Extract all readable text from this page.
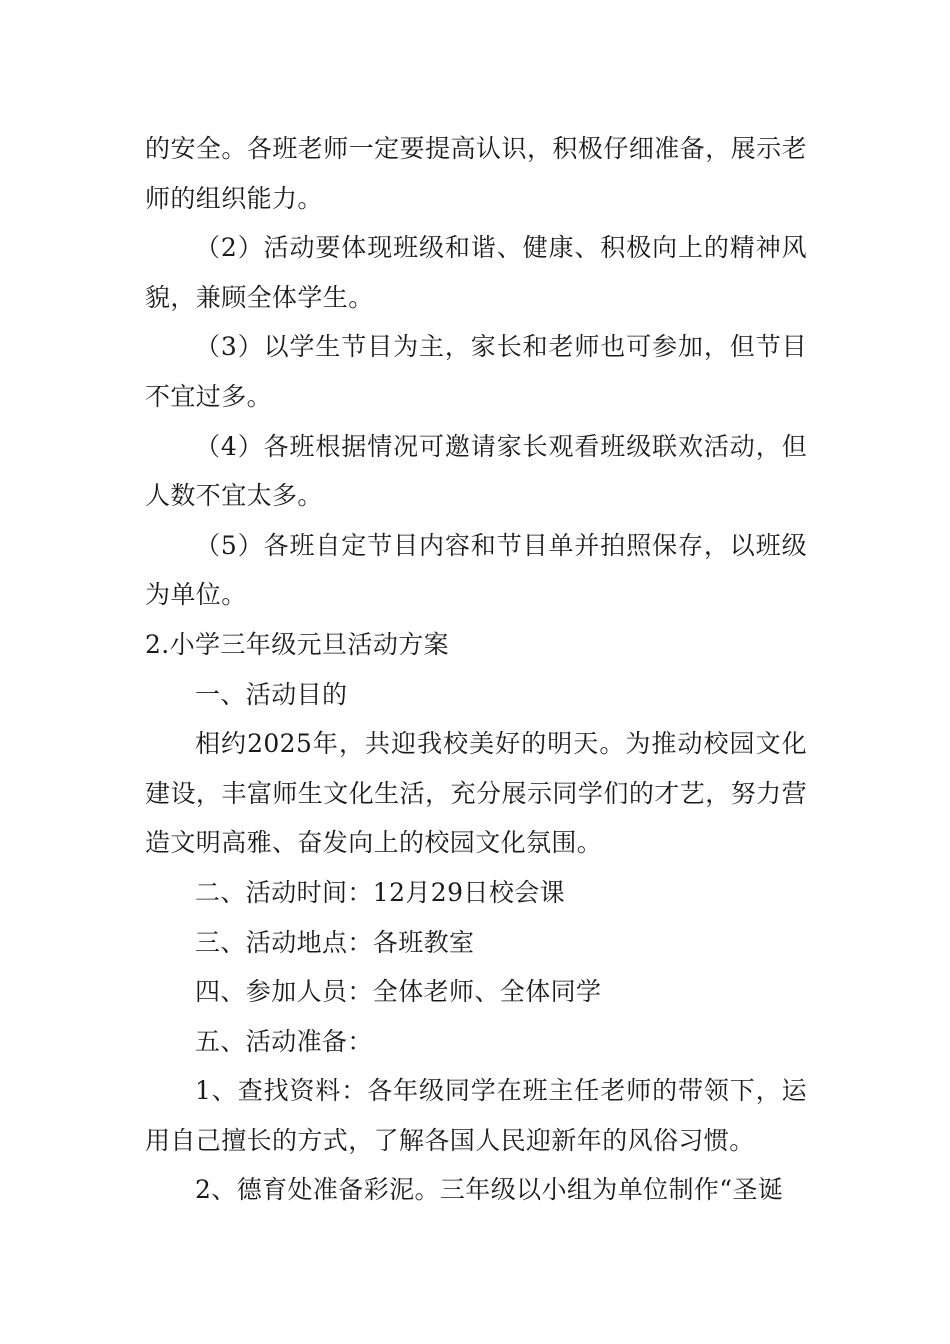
的安全。各班老师一定要提高认识，积极仔细准备，展示老师的组织能力。

（2）活动要体现班级和谐、健康、积极向上的精神风貌，兼顾全体学生。

（3）以学生节目为主，家长和老师也可参加，但节目不宜过多。

（4）各班根据情况可邀请家长观看班级联欢活动，但人数不宜太多。

（5）各班自定节目内容和节目单并拍照保存，以班级为单位。

2.小学三年级元旦活动方案

一、活动目的

相约2025年，共迎我校美好的明天。为推动校园文化建设，丰富师生文化生活，充分展示同学们的才艺，努力营造文明高雅、奋发向上的校园文化氛围。

二、活动时间：12月29日校会课

三、活动地点：各班教室

四、参加人员：全体老师、全体同学

五、活动准备：

1、查找资料：各年级同学在班主任老师的带领下，运用自己擅长的方式，了解各国人民迎新年的风俗习惯。

2、德育处准备彩泥。三年级以小组为单位制作“圣诞
